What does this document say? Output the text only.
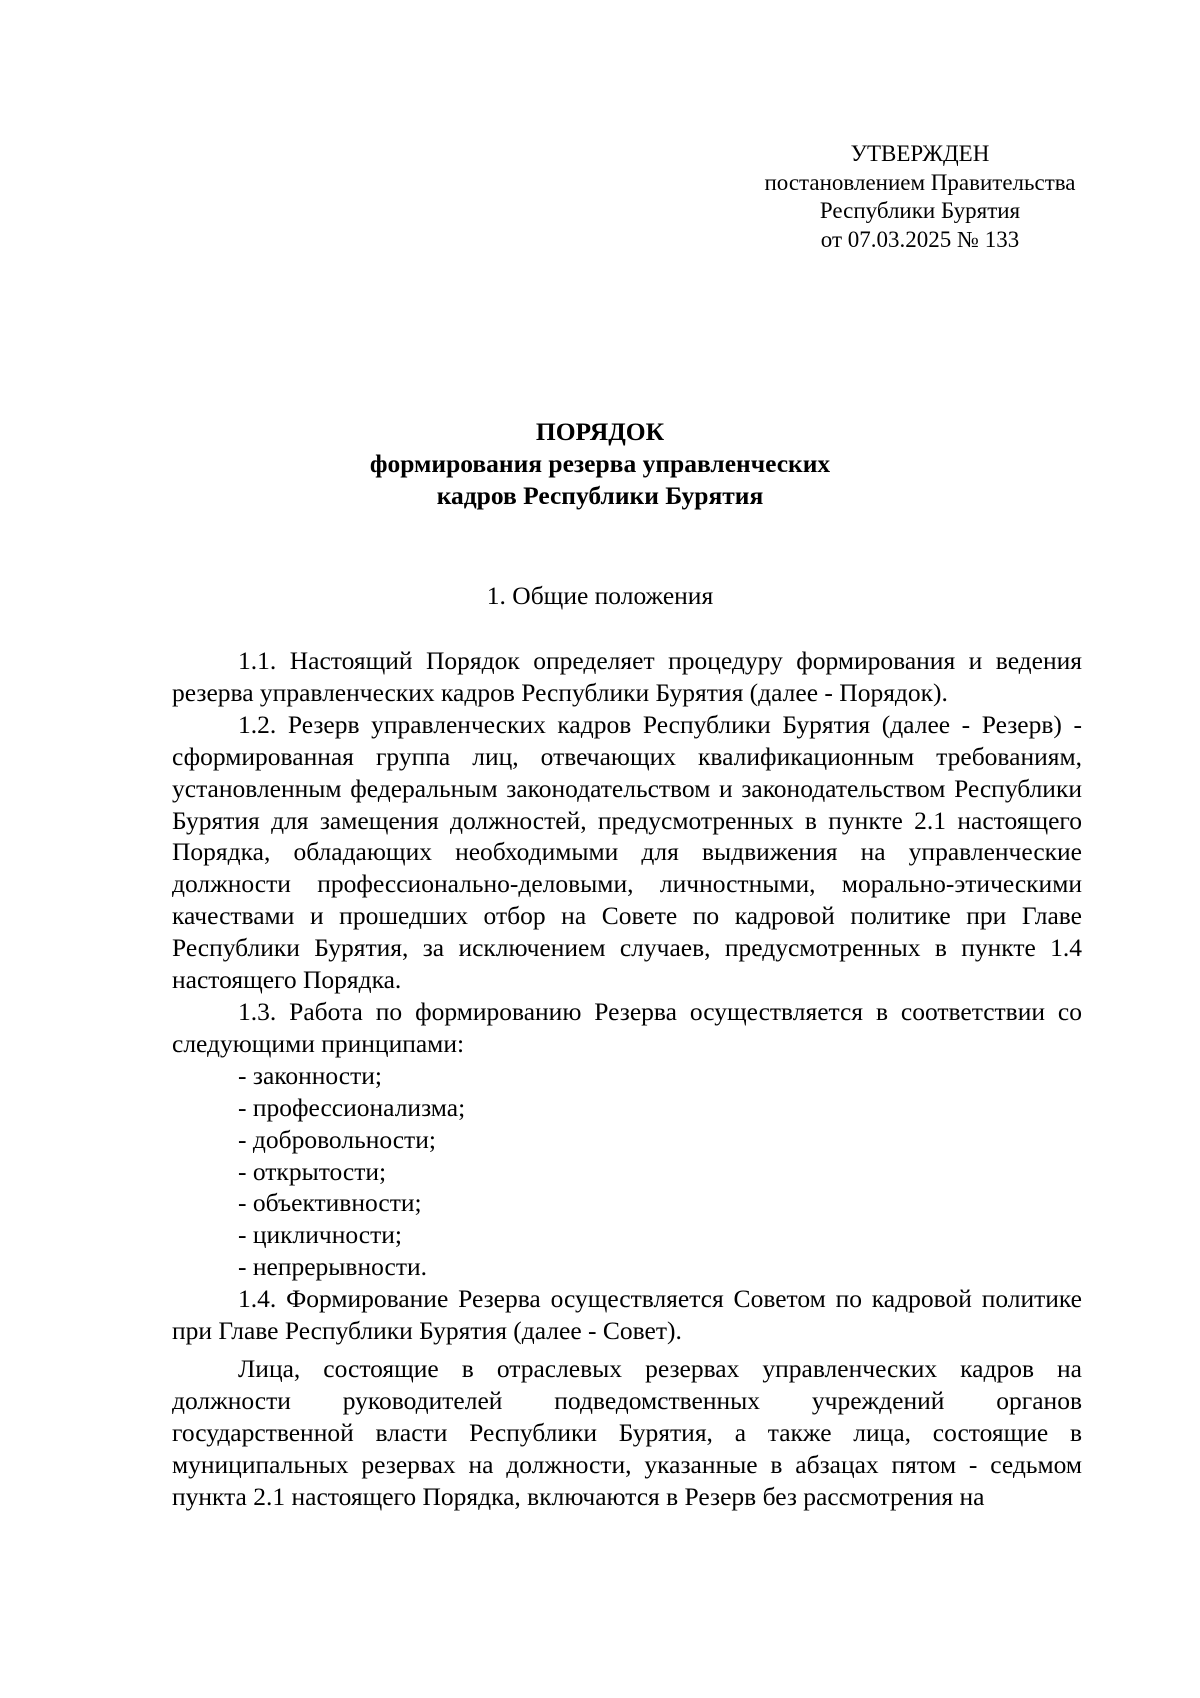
УТВЕРЖДЕН
постановлением Правительства
Республики Бурятия
от 07.03.2025 № 133
ПОРЯДОК
формирования резерва управленческих
кадров Республики Бурятия
1. Общие положения

1.1. Настоящий Порядок определяет процедуру формирования и ведения резерва управленческих кадров Республики Бурятия (далее - Порядок).

1.2. Резерв управленческих кадров Республики Бурятия (далее - Резерв) - сформированная группа лиц, отвечающих квалификационным требованиям, установленным федеральным законодательством и законодательством Республики Бурятия для замещения должностей, предусмотренных в пункте 2.1 настоящего Порядка, обладающих необходимыми для выдвижения на управленческие должности профессионально-деловыми, личностными, морально-этическими качествами и прошедших отбор на Совете по кадровой политике при Главе Республики Бурятия, за исключением случаев, предусмотренных в пункте 1.4 настоящего Порядка.

1.3. Работа по формированию Резерва осуществляется в соответствии со следующими принципами:

- законности;

- профессионализма;

- добровольности;

- открытости;

- объективности;

- цикличности;

- непрерывности.

1.4. Формирование Резерва осуществляется Советом по кадровой политике при Главе Республики Бурятия (далее - Совет).

Лица, состоящие в отраслевых резервах управленческих кадров на должности руководителей подведомственных учреждений органов государственной власти Республики Бурятия, а также лица, состоящие в муниципальных резервах на должности, указанные в абзацах пятом - седьмом пункта 2.1 настоящего Порядка, включаются в Резерв без рассмотрения на
